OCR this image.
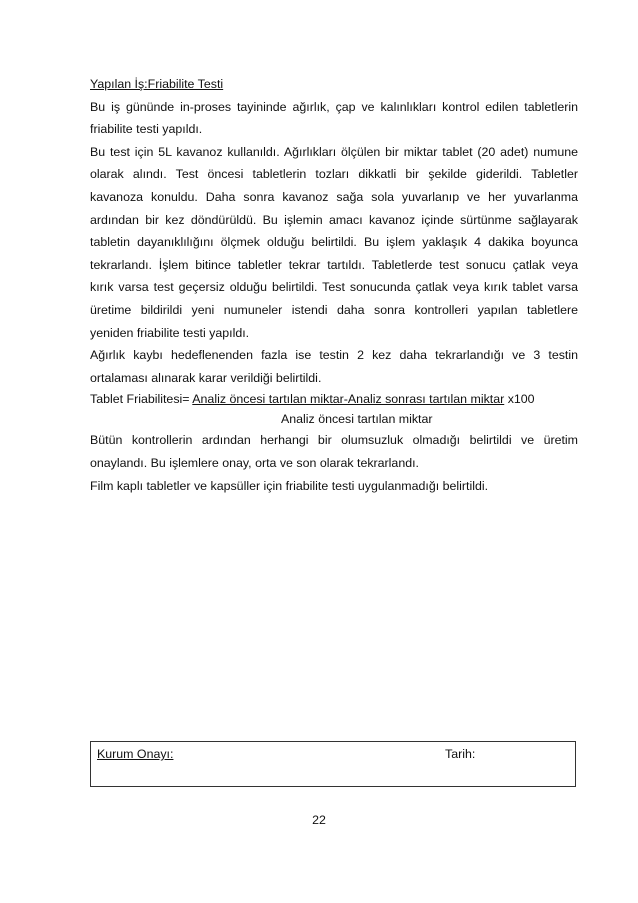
Yapılan İş:Friabilite Testi
Bu iş gününde in-proses tayininde ağırlık, çap ve kalınlıkları kontrol edilen tabletlerin
friabilite testi yapıldı.
Bu test için 5L kavanoz kullanıldı. Ağırlıkları ölçülen bir miktar tablet (20 adet) numune
olarak alındı. Test öncesi tabletlerin tozları dikkatli bir şekilde giderildi. Tabletler
kavanoza konuldu. Daha sonra kavanoz sağa sola yuvarlanıp ve her yuvarlanma
ardından bir kez döndürüldü. Bu işlemin amacı kavanoz içinde sürtünme sağlayarak
tabletin dayanıklılığını ölçmek olduğu belirtildi. Bu işlem yaklaşık 4 dakika boyunca
tekrarlandı. İşlem bitince tabletler tekrar tartıldı. Tabletlerde test sonucu çatlak veya
kırık varsa test geçersiz olduğu belirtildi. Test sonucunda çatlak veya kırık tablet varsa
üretime bildirildi yeni numuneler istendi daha sonra kontrolleri yapılan tabletlere
yeniden friabilite testi yapıldı.
Ağırlık kaybı hedeflenenden fazla ise testin 2 kez daha tekrarlandığı ve 3 testin
ortalaması alınarak karar verildiği belirtildi.
Tablet Friabilitesi= Analiz öncesi tartılan miktar-Analiz sonrası tartılan miktar x100
Analiz öncesi tartılan miktar
Bütün kontrollerin ardından herhangi bir olumsuzluk olmadığı belirtildi ve üretim
onaylandı. Bu işlemlere onay, orta ve son olarak tekrarlandı.
Film kaplı tabletler ve kapsüller için friabilite testi uygulanmadığı belirtildi.
Kurum Onayı:	Tarih:
22
